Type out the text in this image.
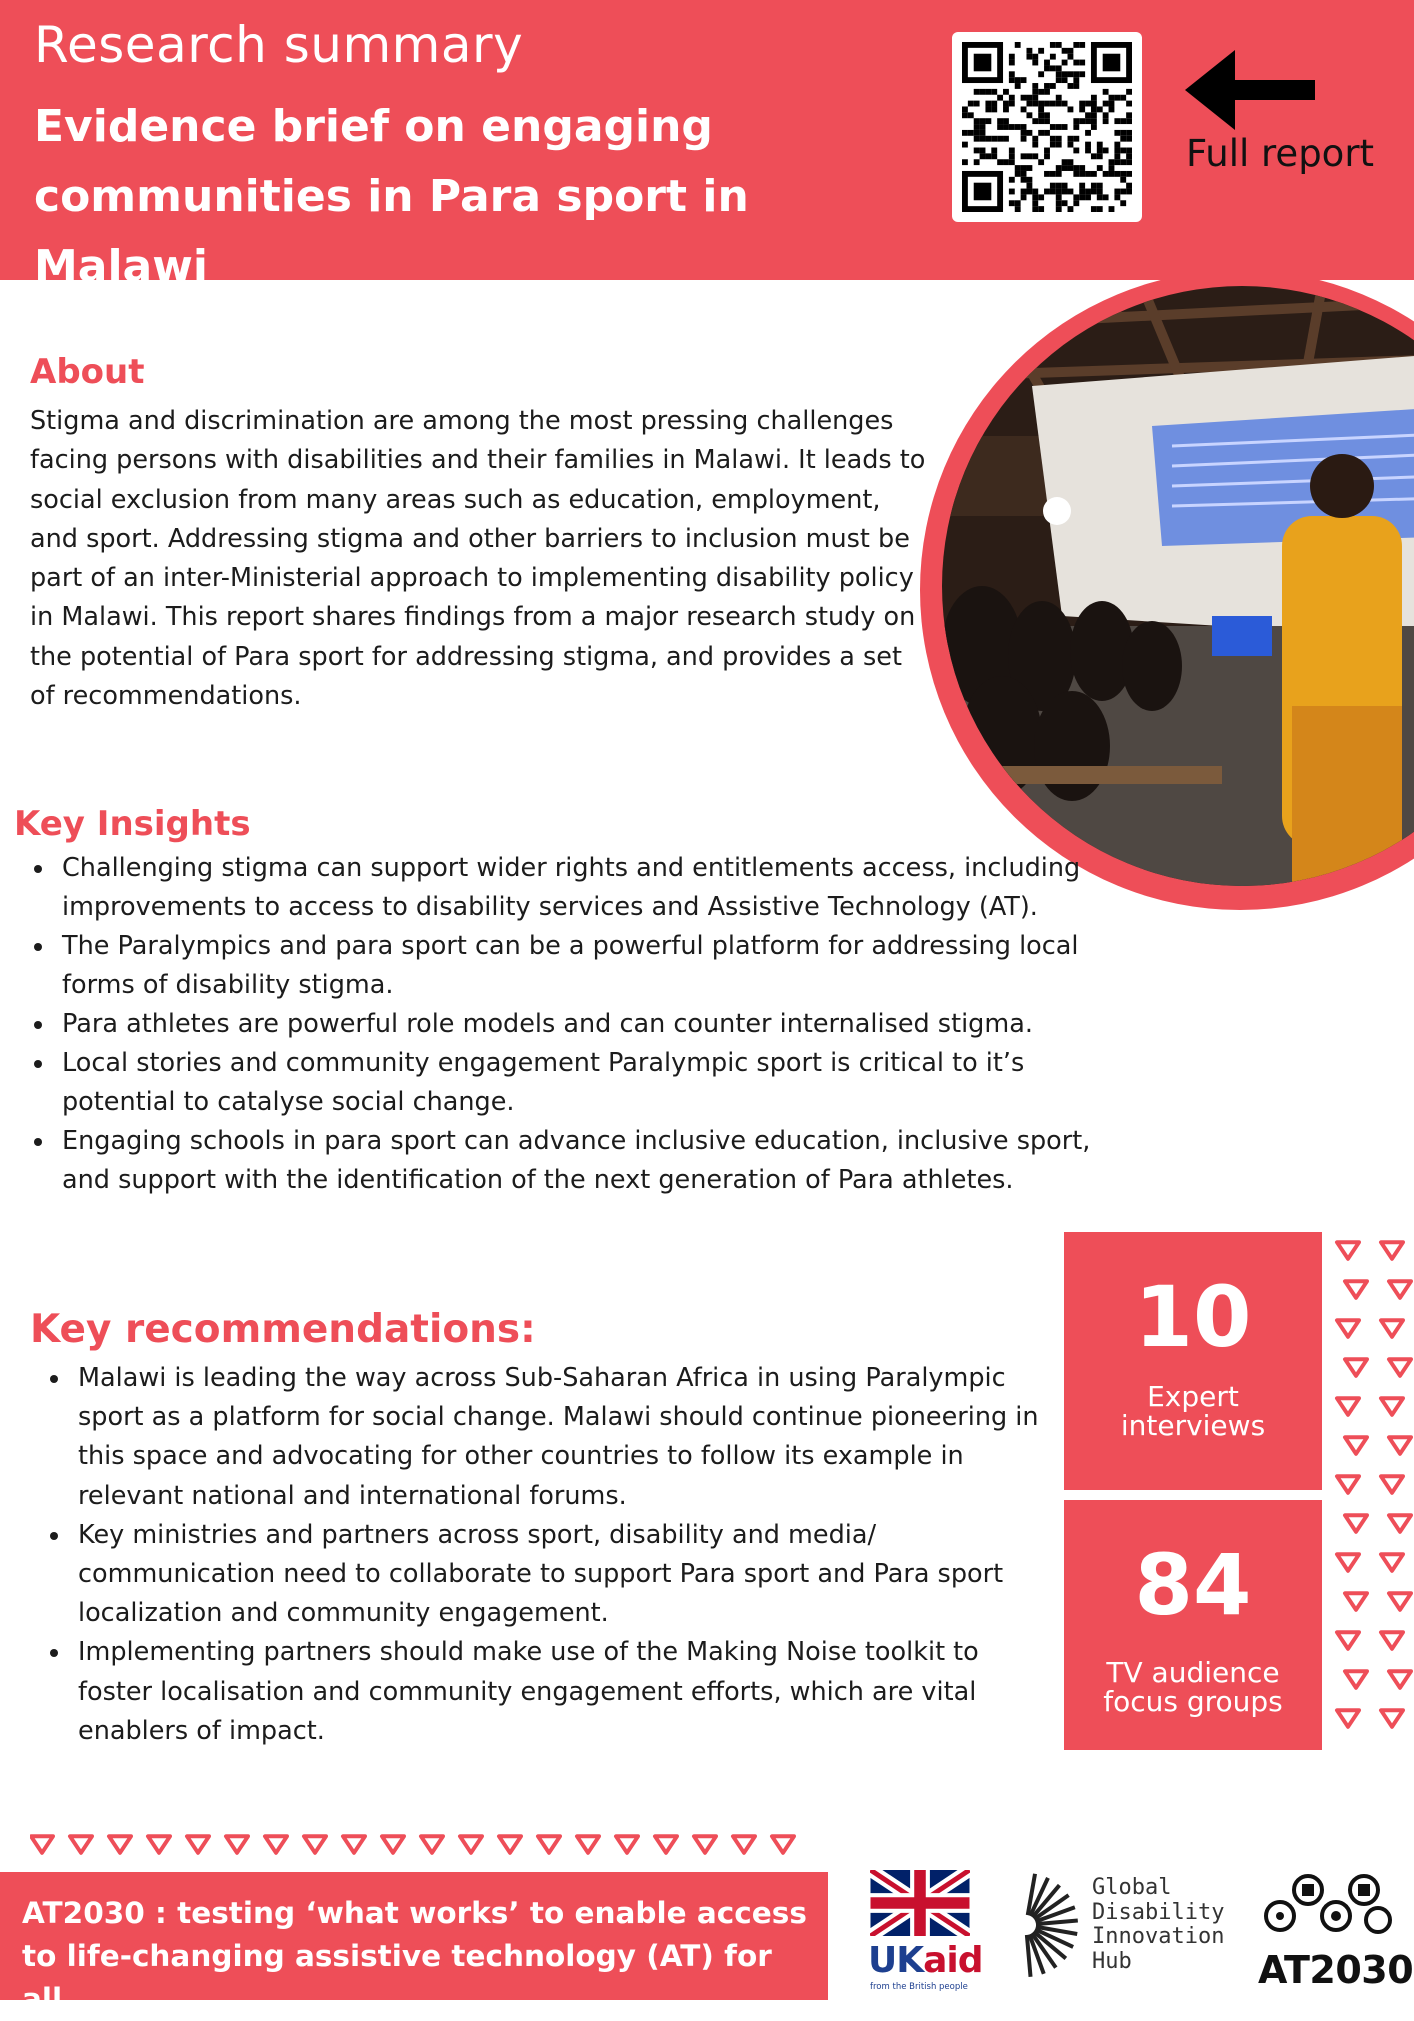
Research summary
Evidence brief on engaging communities in Para sport in Malawi
Full report
About

Stigma and discrimination are among the most pressing challenges facing persons with disabilities and their families in Malawi. It leads to social exclusion from many areas such as education, employment, and sport. Addressing stigma and other barriers to inclusion must be
part of an inter-Ministerial approach to implementing disability policy in Malawi. This report shares findings from a major research study on the potential of Para sport for addressing stigma, and provides a set of recommendations.

Key Insights
Challenging stigma can support wider rights and entitlements access, including improvements to access to disability services and Assistive Technology (AT).
The Paralympics and para sport can be a powerful platform for addressing local forms of disability stigma.
Para athletes are powerful role models and can counter internalised stigma.
Local stories and community engagement Paralympic sport is critical to it’s potential to catalyse social change.
Engaging schools in para sport can advance inclusive education, inclusive sport, and support with the identification of the next generation of Para athletes.
Key recommendations:
Malawi is leading the way across Sub-Saharan Africa in using Paralympic sport as a platform for social change. Malawi should continue pioneering in this space and advocating for other countries to follow its example in relevant national and international forums.
Key ministries and partners across sport, disability and media/ communication need to collaborate to support Para sport and Para sport localization and community engagement.
Implementing partners should make use of the Making Noise toolkit to foster localisation and community engagement efforts, which are vital enablers of impact.
10
Expert
interviews
84
TV audience
focus groups

AT2030 : testing ‘what works’ to enable access to life-changing assistive technology (AT) for all

UKaid
from the British people
Global
Disability
Innovation
Hub	AT2030
